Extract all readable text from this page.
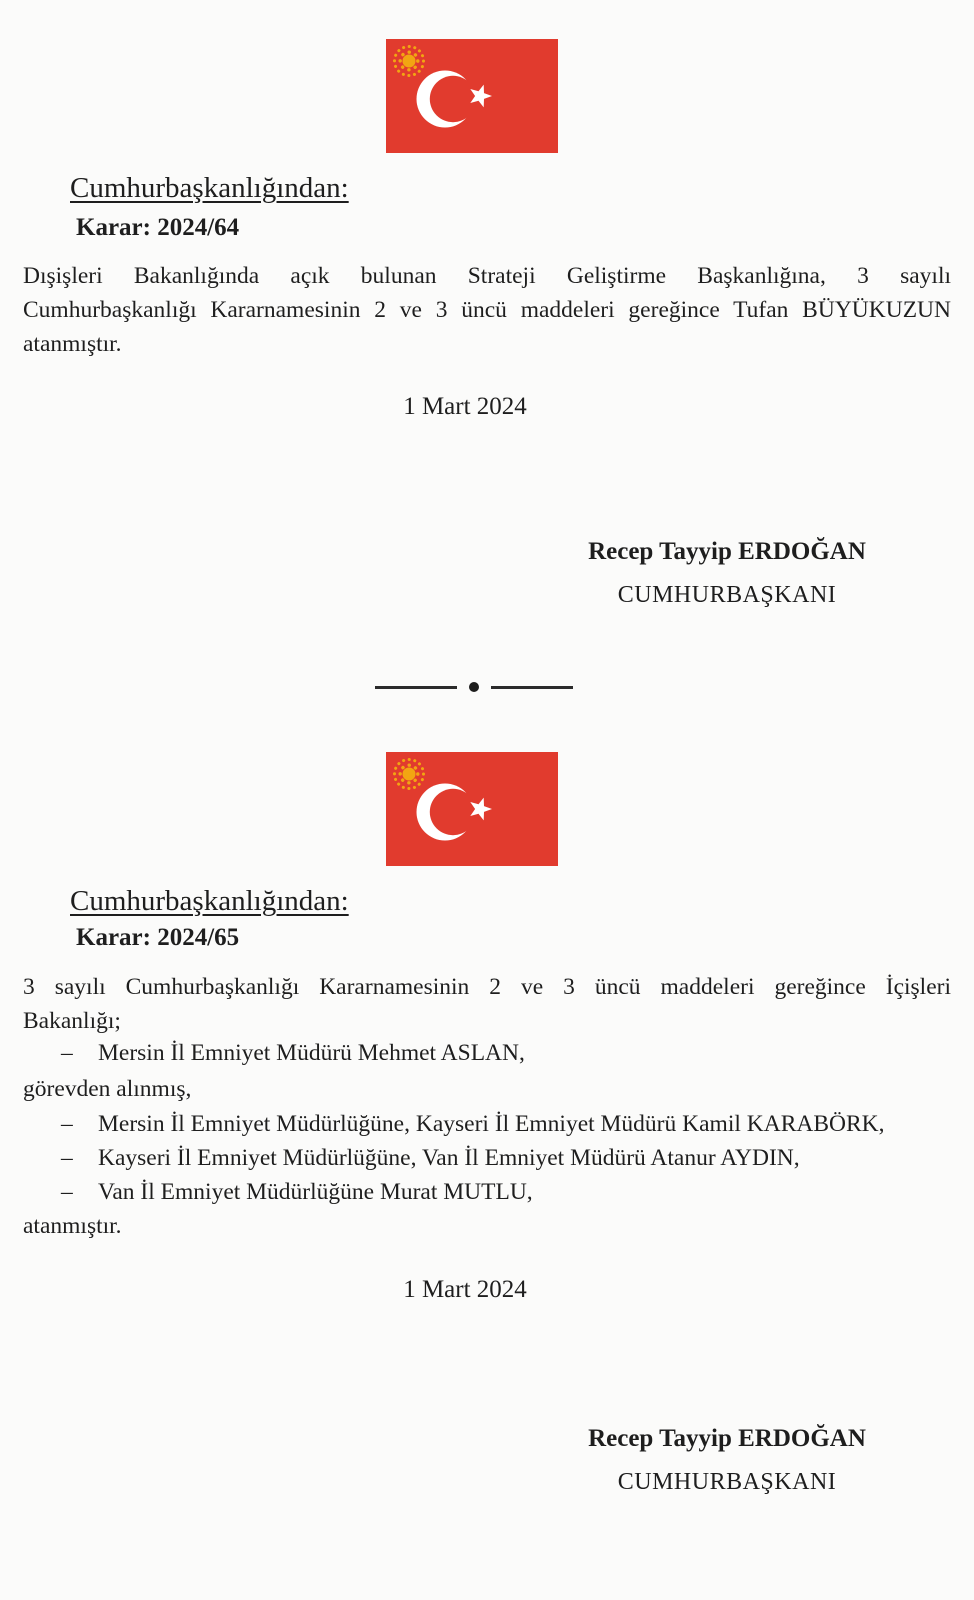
Cumhurbaşkanlığından:
Karar: 2024/64
Dışişleri Bakanlığında açık bulunan Strateji Geliştirme Başkanlığına, 3 sayılı
Cumhurbaşkanlığı Kararnamesinin 2 ve 3 üncü maddeleri gereğince Tufan BÜYÜKUZUN
atanmıştır.
1 Mart 2024
Recep Tayyip ERDOĞAN
CUMHURBAŞKANI
Cumhurbaşkanlığından:
Karar: 2024/65
3 sayılı Cumhurbaşkanlığı Kararnamesinin 2 ve 3 üncü maddeleri gereğince İçişleri
Bakanlığı;
– Mersin İl Emniyet Müdürü Mehmet ASLAN,
görevden alınmış,
– Mersin İl Emniyet Müdürlüğüne, Kayseri İl Emniyet Müdürü Kamil KARABÖRK,
– Kayseri İl Emniyet Müdürlüğüne, Van İl Emniyet Müdürü Atanur AYDIN,
– Van İl Emniyet Müdürlüğüne Murat MUTLU,
atanmıştır.
1 Mart 2024
Recep Tayyip ERDOĞAN
CUMHURBAŞKANI
